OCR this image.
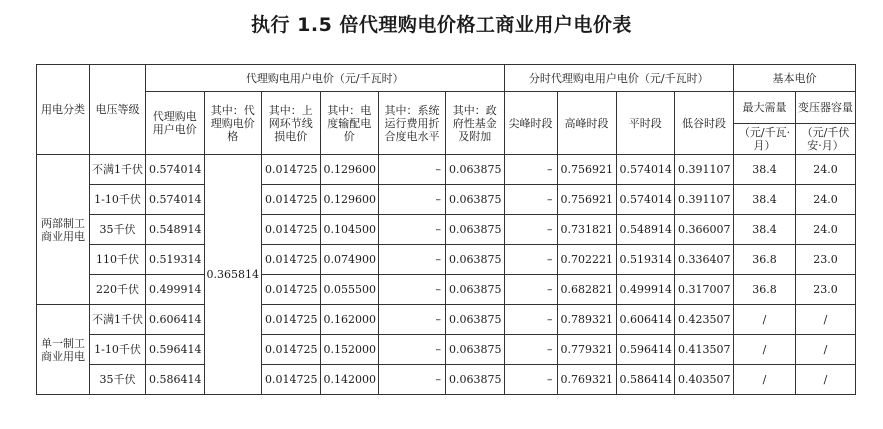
执行 1.5 倍代理购电价格工商业用户电价表
用电分类	电压等级	代理购电用户电价（元/千瓦时）						分时代理购电用户电价（元/千瓦时）				基本电价	
		代理购电用户电价	其中：代理购电价格	其中：上网环节线损电价	其中：电度输配电价	其中：系统运行费用折合度电水平	其中：政府性基金及附加	尖峰时段	高峰时段	平时段	低谷时段	最大需量	变压器容量
												（元/千瓦·月）	（元/千伏安·月）
两部制工商业用电	不满1千伏	0.574014	0.365814	0.014725	0.129600	–	0.063875	–	0.756921	0.574014	0.391107	38.4	24.0
	1-10千伏	0.574014		0.014725	0.129600	–	0.063875	–	0.756921	0.574014	0.391107	38.4	24.0
	35千伏	0.548914		0.014725	0.104500	–	0.063875	–	0.731821	0.548914	0.366007	38.4	24.0
	110千伏	0.519314		0.014725	0.074900	–	0.063875	–	0.702221	0.519314	0.336407	36.8	23.0
	220千伏	0.499914		0.014725	0.055500	–	0.063875	–	0.682821	0.499914	0.317007	36.8	23.0
单一制工商业用电	不满1千伏	0.606414		0.014725	0.162000	–	0.063875	–	0.789321	0.606414	0.423507	/	/
	1-10千伏	0.596414		0.014725	0.152000	–	0.063875	–	0.779321	0.596414	0.413507	/	/
	35千伏	0.586414		0.014725	0.142000	–	0.063875	–	0.769321	0.586414	0.403507	/	/
